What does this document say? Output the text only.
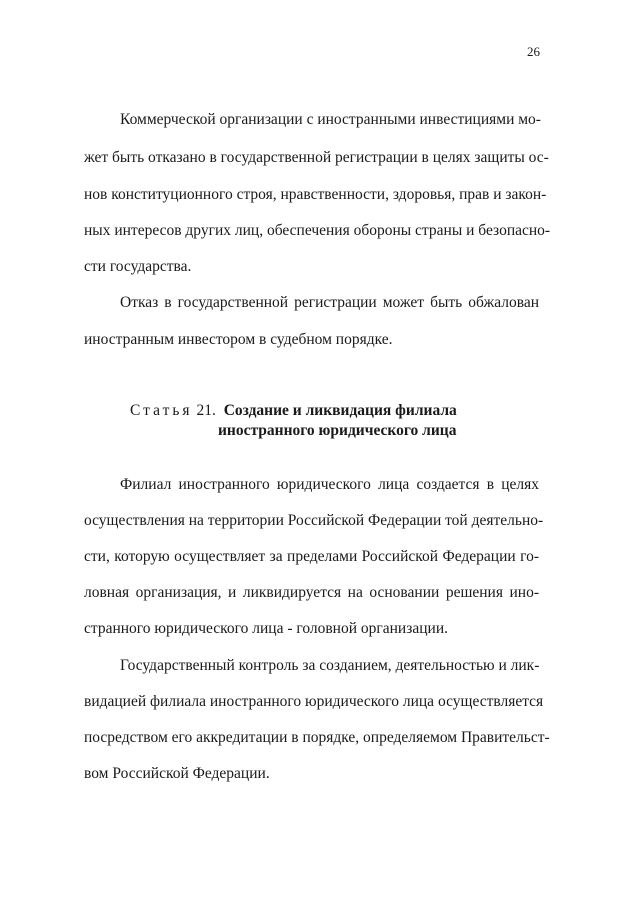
26
Коммерческой организации с иностранными инвестициями мо-
жет быть отказано в государственной регистрации в целях защиты ос-
нов конституционного строя, нравственности, здоровья, прав и закон-
ных интересов других лиц, обеспечения обороны страны и безопасно-
сти государства.
Отказ в государственной регистрации может быть обжалован
иностранным инвестором в судебном порядке.
Статья 21. Создание и ликвидация филиала
иностранного юридического лица
Филиал иностранного юридического лица создается в целях
осуществления на территории Российской Федерации той деятельно-
сти, которую осуществляет за пределами Российской Федерации го-
ловная организация, и ликвидируется на основании решения ино-
странного юридического лица - головной организации.
Государственный контроль за созданием, деятельностью и лик-
видацией филиала иностранного юридического лица осуществляется
посредством его аккредитации в порядке, определяемом Правительст-
вом Российской Федерации.
